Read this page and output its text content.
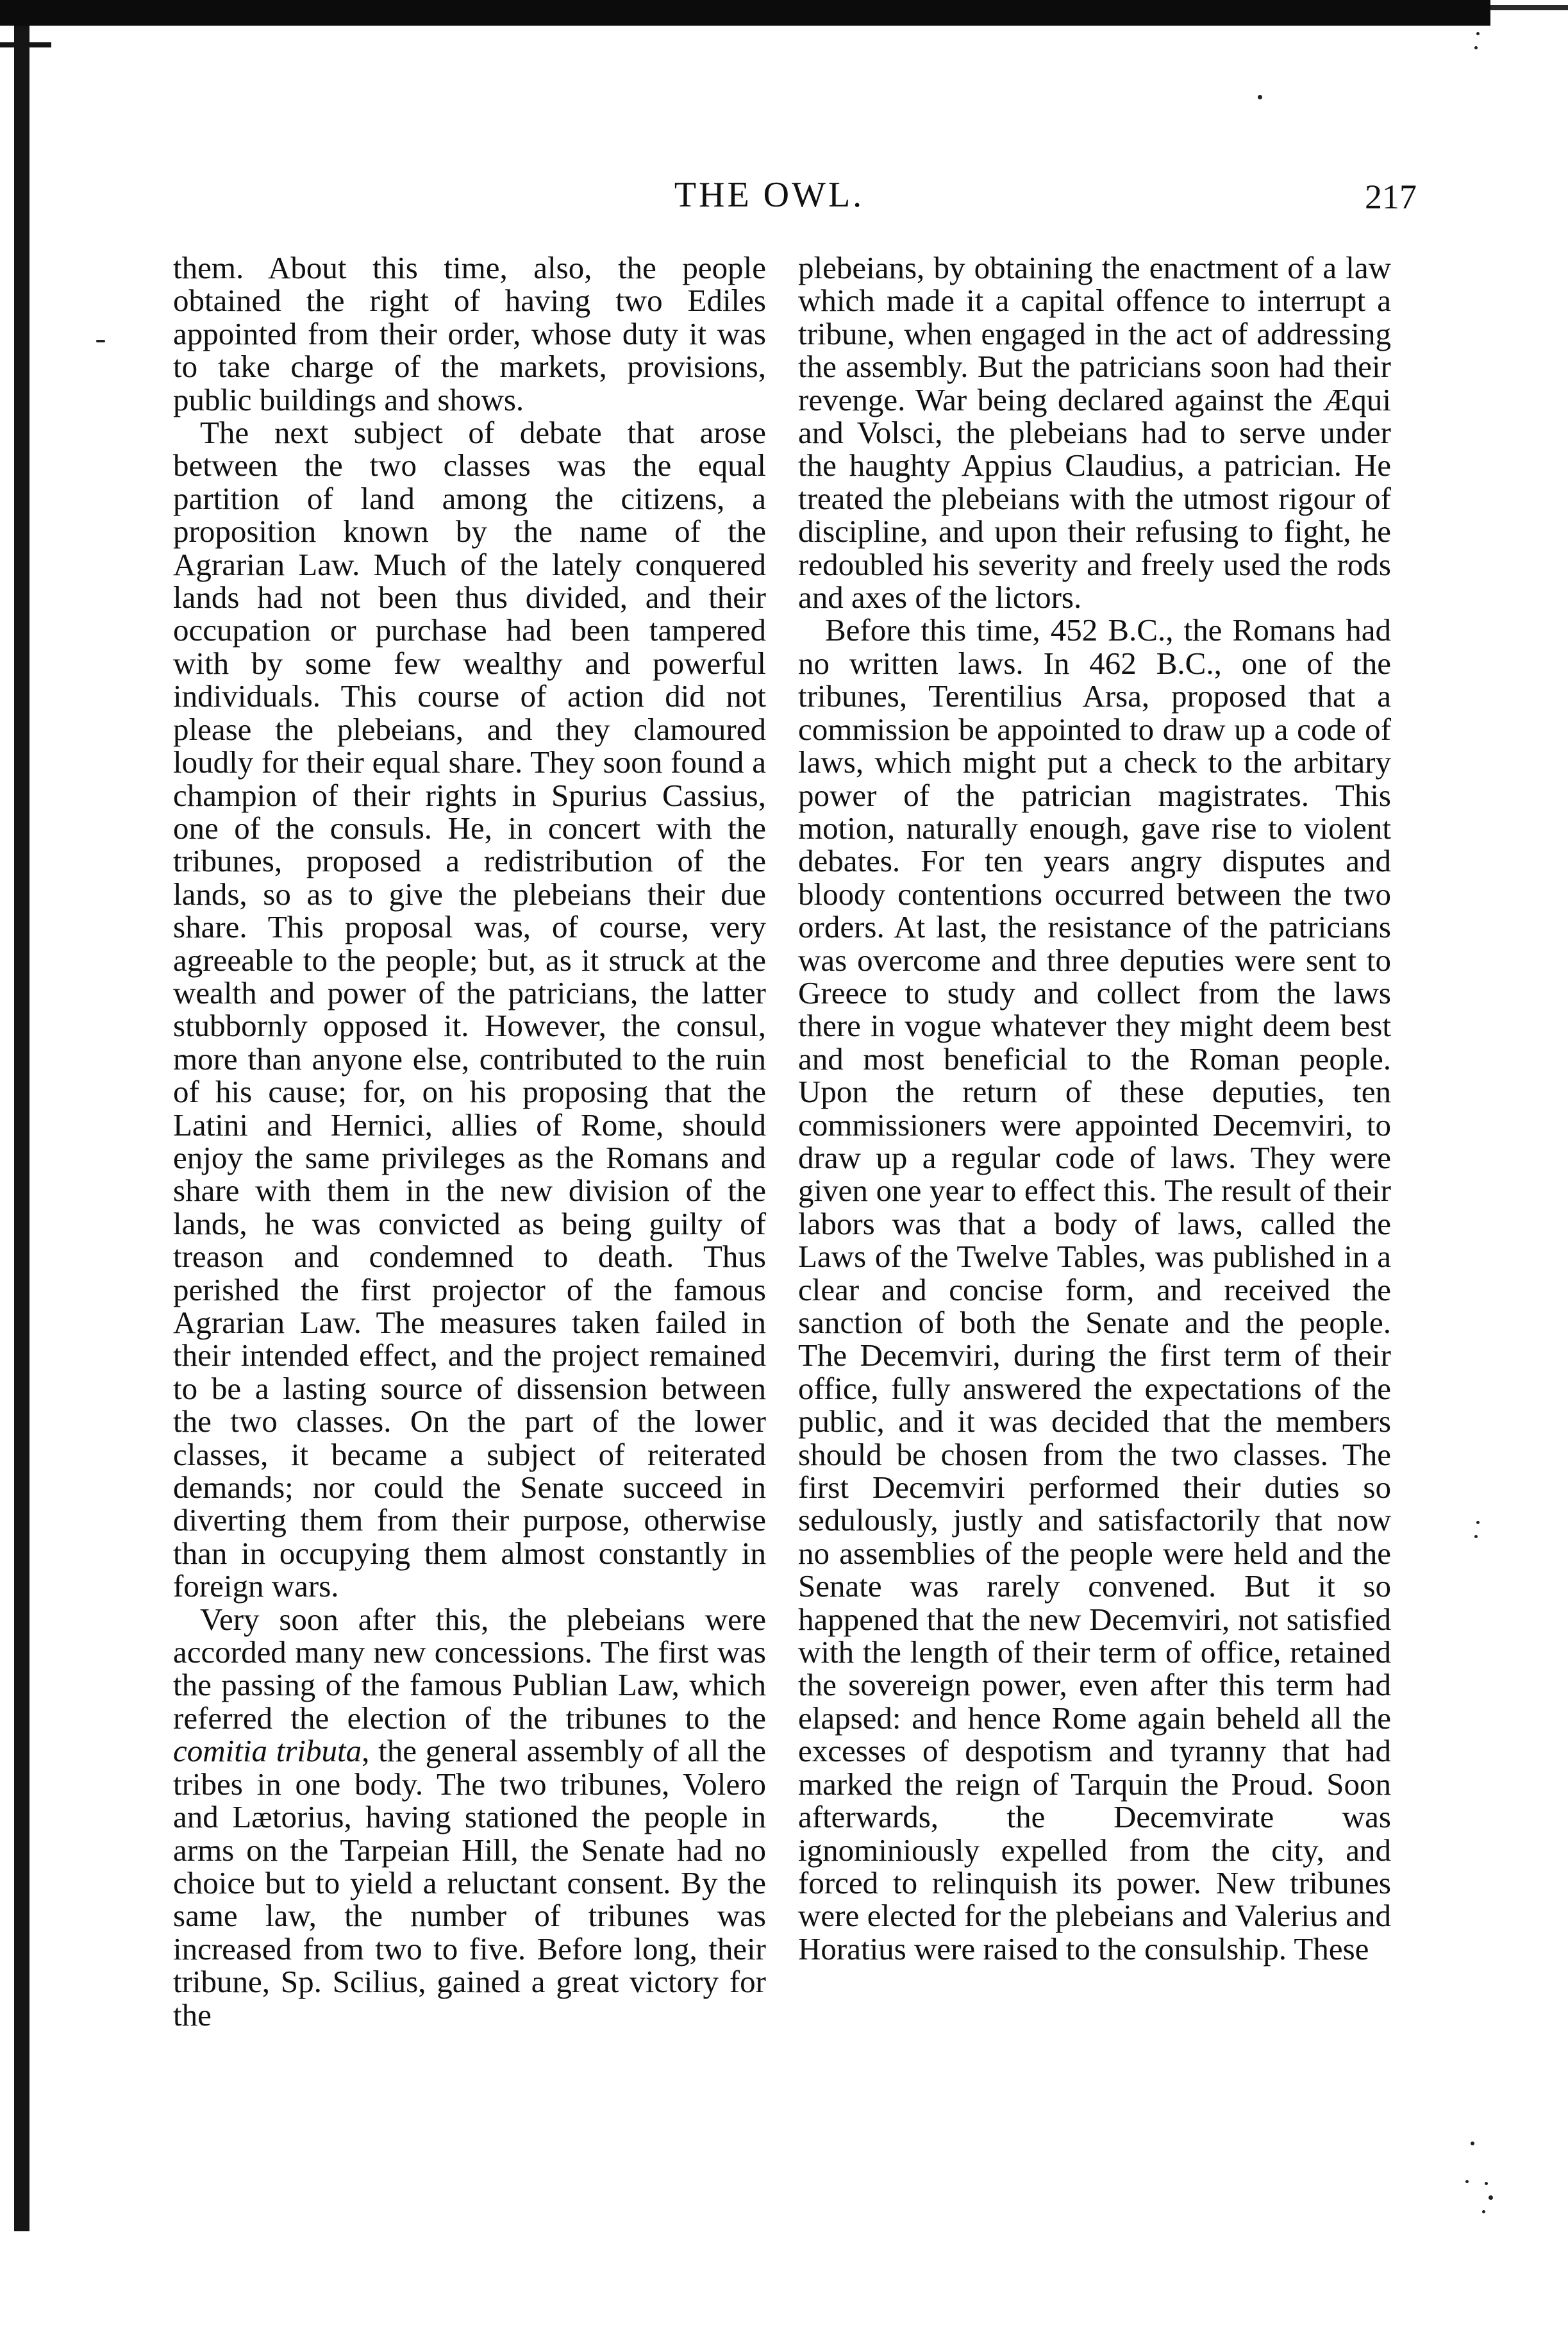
THE OWL.	217

them. About this time, also, the people obtained the right of having two Ediles appointed from their order, whose duty it was to take charge of the markets, provisions, public buildings and shows.

The next subject of debate that arose between the two classes was the equal partition of land among the citizens, a proposition known by the name of the Agrarian Law. Much of the lately conquered lands had not been thus divided, and their occupation or purchase had been tampered with by some few wealthy and powerful individuals. This course of action did not please the plebeians, and they clamoured loudly for their equal share. They soon found a champion of their rights in Spurius Cassius, one of the consuls. He, in concert with the tribunes, proposed a redistribution of the lands, so as to give the plebeians their due share. This proposal was, of course, very agreeable to the people; but, as it struck at the wealth and power of the patricians, the latter stubbornly opposed it. However, the consul, more than anyone else, contributed to the ruin of his cause; for, on his proposing that the Latini and Hernici, allies of Rome, should enjoy the same privileges as the Romans and share with them in the new division of the lands, he was convicted as being guilty of treason and condemned to death. Thus perished the first projector of the famous Agrarian Law. The measures taken failed in their intended effect, and the project remained to be a lasting source of dissension between the two classes. On the part of the lower classes, it became a subject of reiterated demands; nor could the Senate succeed in diverting them from their purpose, otherwise than in occupying them almost constantly in foreign wars.

Very soon after this, the plebeians were accorded many new concessions. The first was the passing of the famous Publian Law, which referred the election of the tribunes to the comitia tributa, the general assembly of all the tribes in one body. The two tribunes, Volero and Lætorius, having stationed the people in arms on the Tarpeian Hill, the Senate had no choice but to yield a reluctant consent. By the same law, the number of tribunes was increased from two to five. Before long, their tribune, Sp. Scilius, gained a great victory for the

plebeians, by obtaining the enactment of a law which made it a capital offence to interrupt a tribune, when engaged in the act of addressing the assembly. But the patricians soon had their revenge. War being declared against the Æqui and Volsci, the plebeians had to serve under the haughty Appius Claudius, a patrician. He treated the plebeians with the utmost rigour of discipline, and upon their refusing to fight, he redoubled his severity and freely used the rods and axes of the lictors.

Before this time, 452 B.C., the Romans had no written laws. In 462 B.C., one of the tribunes, Terentilius Arsa, proposed that a commission be appointed to draw up a code of laws, which might put a check to the arbitary power of the patrician magistrates. This motion, naturally enough, gave rise to violent debates. For ten years angry disputes and bloody contentions occurred between the two orders. At last, the resistance of the patricians was overcome and three deputies were sent to Greece to study and collect from the laws there in vogue whatever they might deem best and most beneficial to the Roman people. Upon the return of these deputies, ten commissioners were appointed Decemviri, to draw up a regular code of laws. They were given one year to effect this. The result of their labors was that a body of laws, called the Laws of the Twelve Tables, was published in a clear and concise form, and received the sanction of both the Senate and the people. The Decemviri, during the first term of their office, fully answered the expectations of the public, and it was decided that the members should be chosen from the two classes. The first Decemviri performed their duties so sedulously, justly and satisfactorily that now no assemblies of the people were held and the Senate was rarely convened. But it so happened that the new Decemviri, not satisfied with the length of their term of office, retained the sovereign power, even after this term had elapsed: and hence Rome again beheld all the excesses of despotism and tyranny that had marked the reign of Tarquin the Proud. Soon afterwards, the Decemvirate was ignominiously expelled from the city, and forced to relinquish its power. New tribunes were elected for the plebeians and Valerius and Horatius were raised to the consulship. These
